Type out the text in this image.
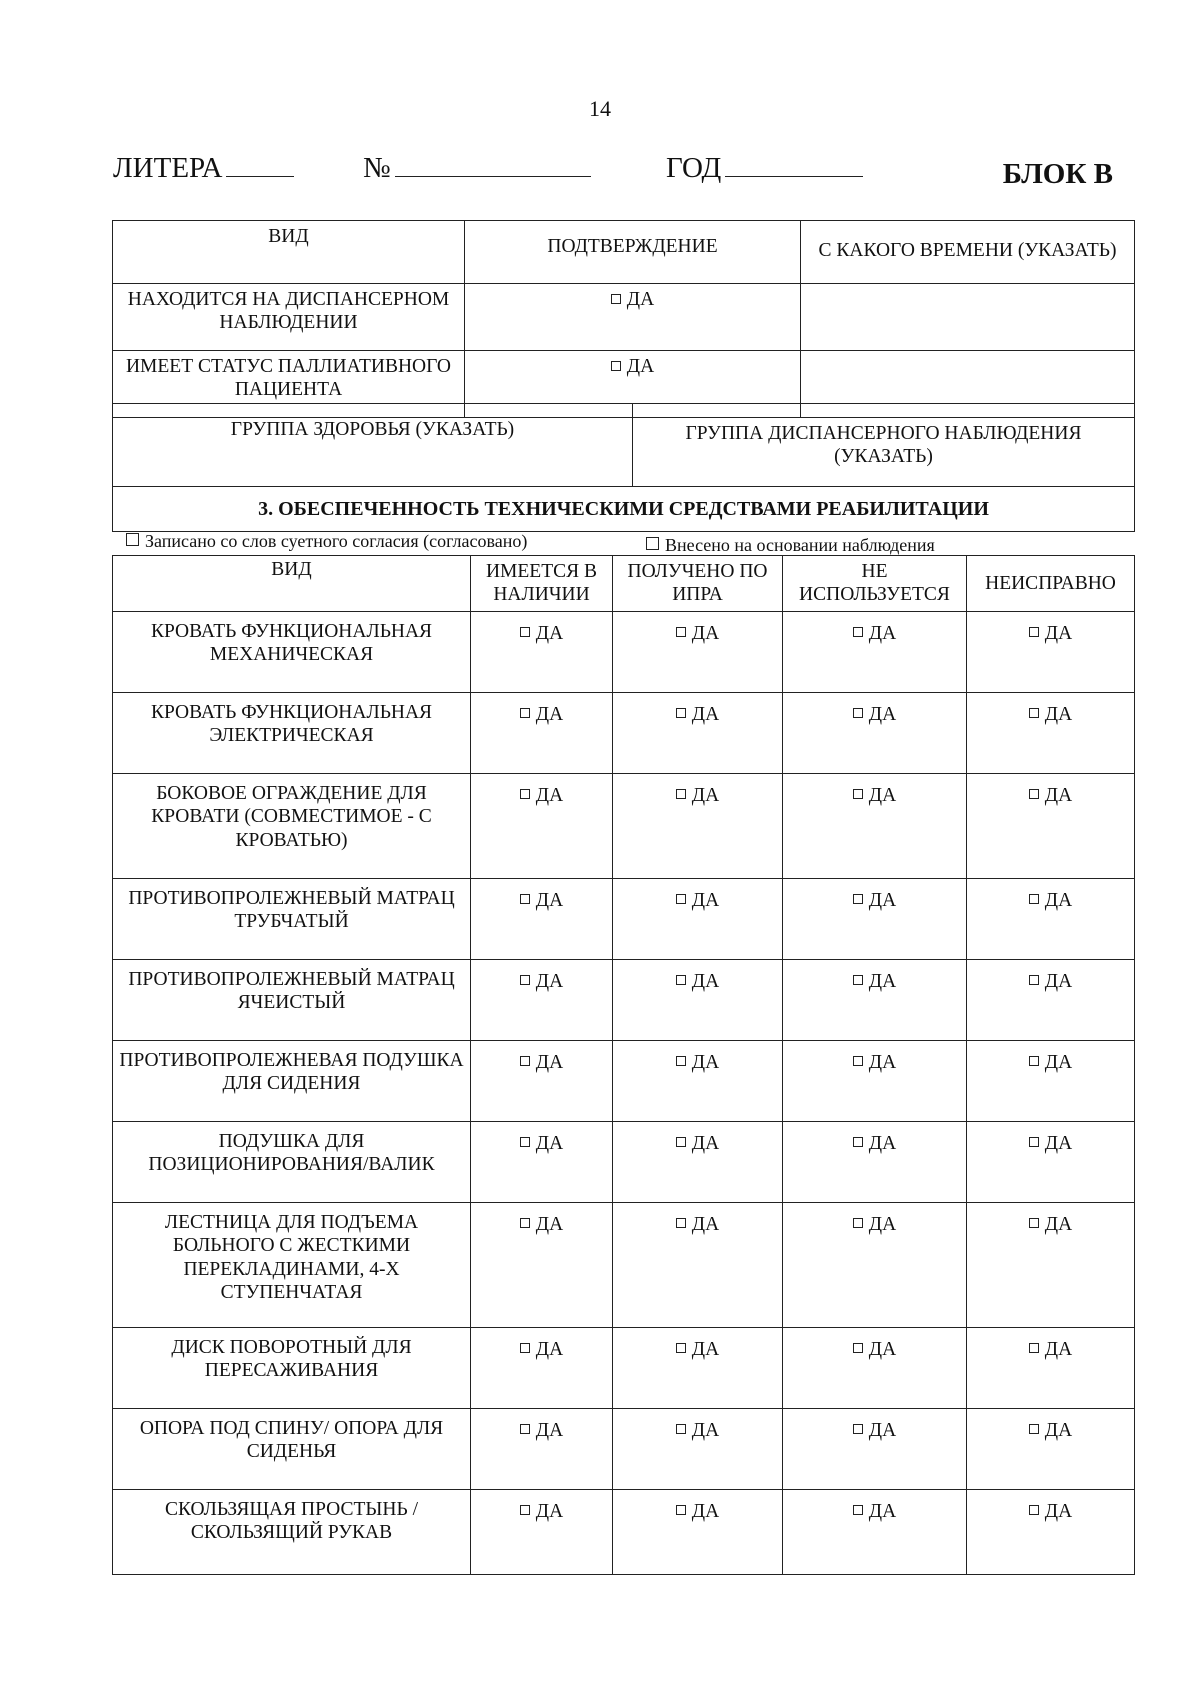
14
ЛИТЕРА	№	ГОД	БЛОК В
ВИД	ПОДТВЕРЖДЕНИЕ	С КАКОГО ВРЕМЕНИ (УКАЗАТЬ)
НАХОДИТСЯ НА ДИСПАНСЕРНОМ НАБЛЮДЕНИИ	ДА	
ИМЕЕТ СТАТУС ПАЛЛИАТИВНОГО ПАЦИЕНТА	ДА	
ГРУППА ЗДОРОВЬЯ (УКАЗАТЬ)	ГРУППА ДИСПАНСЕРНОГО НАБЛЮДЕНИЯ (УКАЗАТЬ)
3. ОБЕСПЕЧЕННОСТЬ ТЕХНИЧЕСКИМИ СРЕДСТВАМИ РЕАБИЛИТАЦИИ
Записано со слов суетного согласия (согласовано)	Внесено на основании наблюдения
ВИД	ИМЕЕТСЯ В НАЛИЧИИ	ПОЛУЧЕНО ПО ИПРА	НЕ ИСПОЛЬЗУЕТСЯ	НЕИСПРАВНО
КРОВАТЬ ФУНКЦИОНАЛЬНАЯ МЕХАНИЧЕСКАЯ	ДА	ДА	ДА	ДА
КРОВАТЬ ФУНКЦИОНАЛЬНАЯ ЭЛЕКТРИЧЕСКАЯ	ДА	ДА	ДА	ДА
БОКОВОЕ ОГРАЖДЕНИЕ ДЛЯ КРОВАТИ (СОВМЕСТИМОЕ - С КРОВАТЬЮ)	ДА	ДА	ДА	ДА
ПРОТИВОПРОЛЕЖНЕВЫЙ МАТРАЦ ТРУБЧАТЫЙ	ДА	ДА	ДА	ДА
ПРОТИВОПРОЛЕЖНЕВЫЙ МАТРАЦ ЯЧЕИСТЫЙ	ДА	ДА	ДА	ДА
ПРОТИВОПРОЛЕЖНЕВАЯ ПОДУШКА ДЛЯ СИДЕНИЯ	ДА	ДА	ДА	ДА
ПОДУШКА ДЛЯ ПОЗИЦИОНИРОВАНИЯ/ВАЛИК	ДА	ДА	ДА	ДА
ЛЕСТНИЦА ДЛЯ ПОДЪЕМА БОЛЬНОГО С ЖЕСТКИМИ ПЕРЕКЛАДИНАМИ, 4-Х СТУПЕНЧАТАЯ	ДА	ДА	ДА	ДА
ДИСК ПОВОРОТНЫЙ ДЛЯ ПЕРЕСАЖИВАНИЯ	ДА	ДА	ДА	ДА
ОПОРА ПОД СПИНУ/ ОПОРА ДЛЯ СИДЕНЬЯ	ДА	ДА	ДА	ДА
СКОЛЬЗЯЩАЯ ПРОСТЫНЬ /СКОЛЬЗЯЩИЙ РУКАВ	ДА	ДА	ДА	ДА
